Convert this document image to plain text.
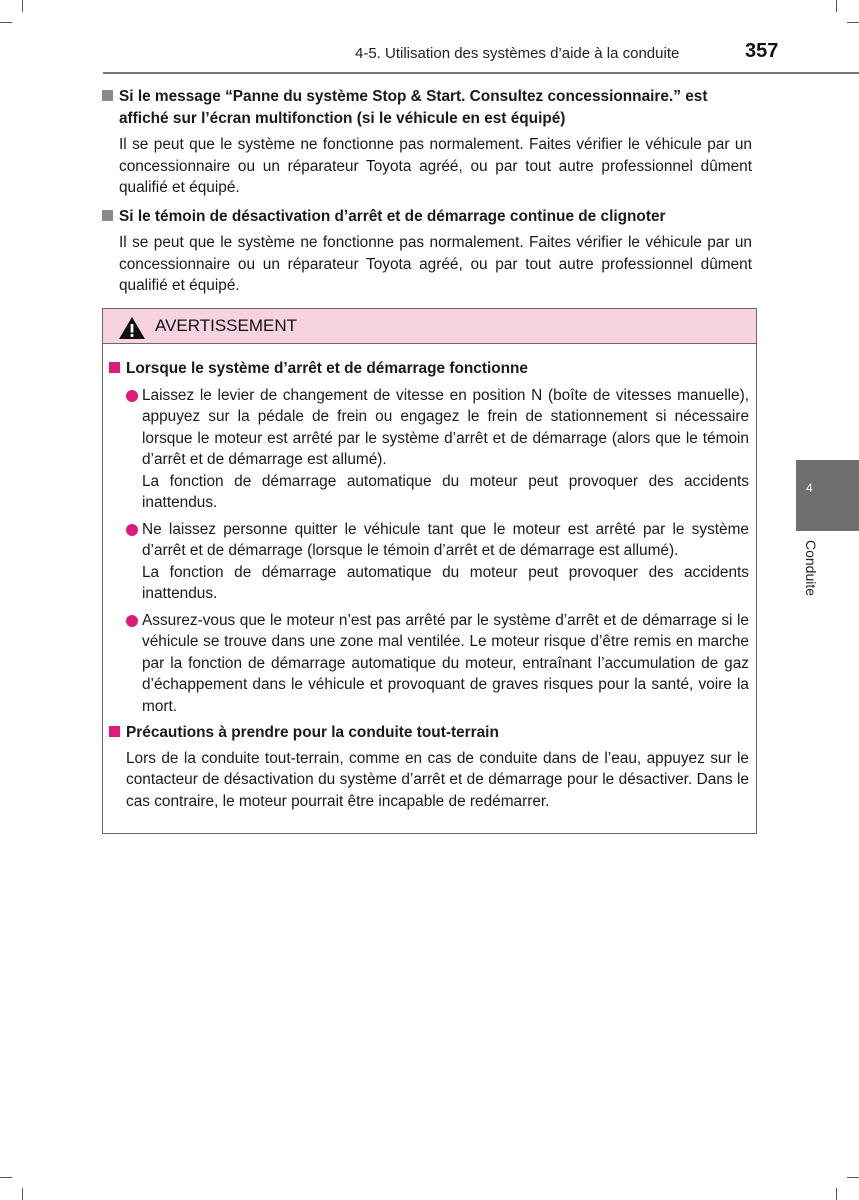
4-5. Utilisation des systèmes d’aide à la conduite	357
4
Conduite

Si le message “Panne du système Stop & Start. Consultez concessionnaire.” est affiché sur l’écran multifonction (si le véhicule en est équipé)

Il se peut que le système ne fonctionne pas normalement. Faites vérifier le véhicule par un concessionnaire ou un réparateur Toyota agréé, ou par tout autre professionnel dûment qualifié et équipé.

Si le témoin de désactivation d’arrêt et de démarrage continue de clignoter

Il se peut que le système ne fonctionne pas normalement. Faites vérifier le véhicule par un concessionnaire ou un réparateur Toyota agréé, ou par tout autre professionnel dûment qualifié et équipé.

AVERTISSEMENT

Lorsque le système d’arrêt et de démarrage fonctionne

Laissez le levier de changement de vitesse en position N (boîte de vitesses manuelle), appuyez sur la pédale de frein ou engagez le frein de stationnement si nécessaire lorsque le moteur est arrêté par le système d’arrêt et de démarrage (alors que le témoin d’arrêt et de démarrage est allumé).

La fonction de démarrage automatique du moteur peut provoquer des accidents inattendus.

Ne laissez personne quitter le véhicule tant que le moteur est arrêté par le système d’arrêt et de démarrage (lorsque le témoin d’arrêt et de démarrage est allumé).

La fonction de démarrage automatique du moteur peut provoquer des accidents inattendus.

Assurez-vous que le moteur n’est pas arrêté par le système d’arrêt et de démarrage si le véhicule se trouve dans une zone mal ventilée. Le moteur risque d’être remis en marche par la fonction de démarrage automatique du moteur, entraînant l’accumulation de gaz d’échappement dans le véhicule et provoquant de graves risques pour la santé, voire la mort.

Précautions à prendre pour la conduite tout-terrain

Lors de la conduite tout-terrain, comme en cas de conduite dans de l’eau, appuyez sur le contacteur de désactivation du système d’arrêt et de démarrage pour le désactiver. Dans le cas contraire, le moteur pourrait être incapable de redémarrer.
